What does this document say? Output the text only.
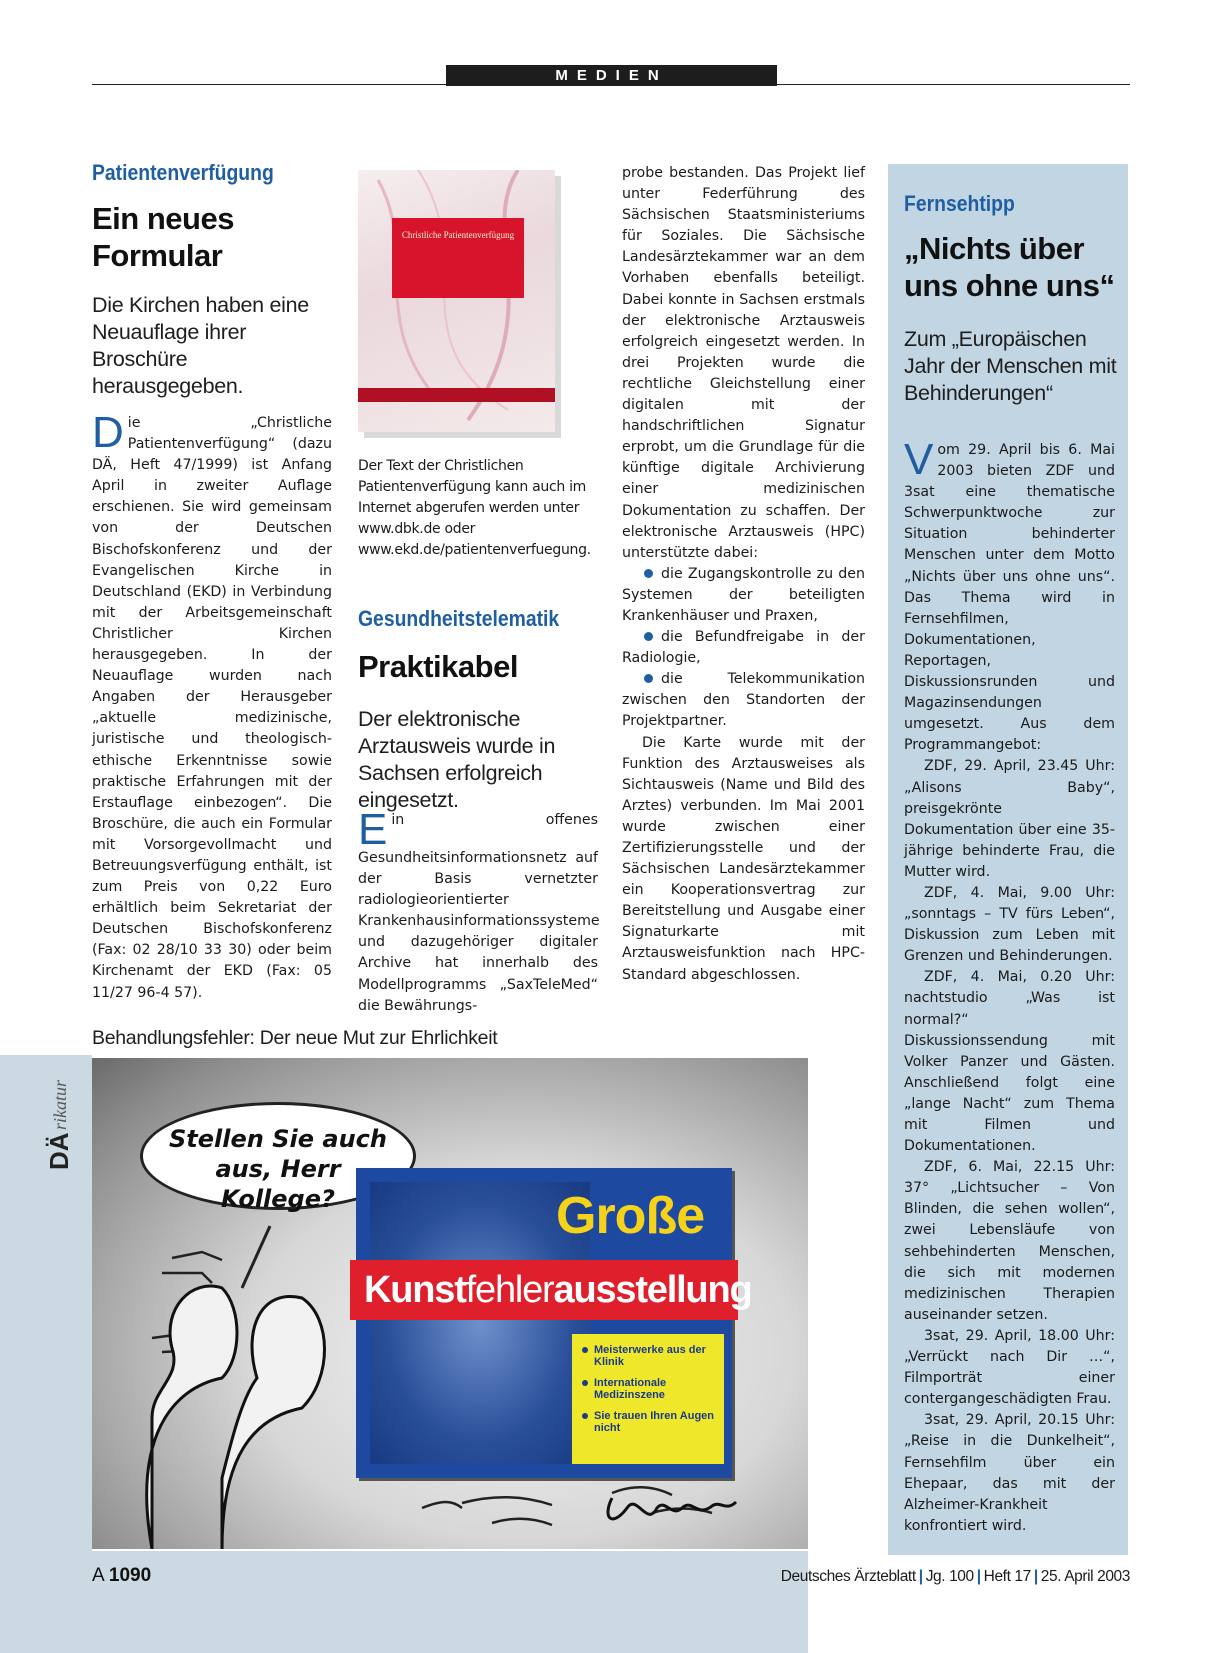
MEDIEN
Patientenverfügung
Ein neues Formular
Die Kirchen haben eine Neuauflage ihrer Broschüre herausgegeben.

Die „Christliche Patientenverfügung“ (dazu DÄ, Heft 47/1999) ist Anfang April in zweiter Auflage erschienen. Sie wird gemeinsam von der Deutschen Bischofskonferenz und der Evangelischen Kirche in Deutschland (EKD) in Verbindung mit der Arbeitsgemeinschaft Christlicher Kirchen herausgegeben. In der Neuauflage wurden nach Angaben der Herausgeber „aktuelle medizinische, juristische und theologisch-ethische Erkenntnisse sowie praktische Erfahrungen mit der Erstauflage einbezogen“. Die Broschüre, die auch ein Formular mit Vorsorgevollmacht und Betreuungsverfügung enthält, ist zum Preis von 0,22 Euro erhältlich beim Sekretariat der Deutschen Bischofskonferenz (Fax: 02 28/10 33 30) oder beim Kirchenamt der EKD (Fax: 05 11/27 96-4 57).

Christliche Patientenverfügung
Der Text der Christlichen Patientenverfügung kann auch im Internet abgerufen werden unter www.dbk.de oder www.ekd.de/patientenverfuegung.
Gesundheitstelematik
Praktikabel
Der elektronische Arztausweis wurde in Sachsen erfolgreich eingesetzt.

Ein offenes Gesundheitsinformationsnetz auf der Basis vernetzter radiologieorientierter Krankenhausinformationssysteme und dazugehöriger digitaler Archive hat innerhalb des Modellprogramms „SaxTeleMed“ die Bewährungs-

probe bestanden. Das Projekt lief unter Federführung des Sächsischen Staatsministeriums für Soziales. Die Sächsische Landesärztekammer war an dem Vorhaben ebenfalls beteiligt. Dabei konnte in Sachsen erstmals der elektronische Arztausweis erfolgreich eingesetzt werden. In drei Projekten wurde die rechtliche Gleichstellung einer digitalen mit der handschriftlichen Signatur erprobt, um die Grundlage für die künftige digitale Archivierung einer medizinischen Dokumentation zu schaffen. Der elektronische Arztausweis (HPC) unterstützte dabei:

die Zugangskontrolle zu den Systemen der beteiligten Krankenhäuser und Praxen,
die Befundfreigabe in der Radiologie,
die Telekommunikation zwischen den Standorten der Projektpartner.

Die Karte wurde mit der Funktion des Arztausweises als Sichtausweis (Name und Bild des Arztes) verbunden. Im Mai 2001 wurde zwischen einer Zertifizierungsstelle und der Sächsischen Landesärztekammer ein Kooperationsvertrag zur Bereitstellung und Ausgabe einer Signaturkarte mit Arztausweisfunktion nach HPC-Standard abgeschlossen.

Fernsehtipp
„Nichts über uns ohne uns“
Zum „Europäischen Jahr der Menschen mit Behinderungen“

Vom 29. April bis 6. Mai 2003 bieten ZDF und 3sat eine thematische Schwerpunktwoche zur Situation behinderter Menschen unter dem Motto „Nichts über uns ohne uns“. Das Thema wird in Fernsehfilmen, Dokumentationen, Reportagen, Diskussionsrunden und Magazinsendungen umgesetzt. Aus dem Programmangebot:

ZDF, 29. April, 23.45 Uhr: „Alisons Baby“, preisgekrönte Dokumentation über eine 35-jährige behinderte Frau, die Mutter wird.

ZDF, 4. Mai, 9.00 Uhr: „sonntags – TV fürs Leben“, Diskussion zum Leben mit Grenzen und Behinderungen.

ZDF, 4. Mai, 0.20 Uhr: nachtstudio „Was ist normal?“ Diskussionssendung mit Volker Panzer und Gästen. Anschließend folgt eine „lange Nacht“ zum Thema mit Filmen und Dokumentationen.

ZDF, 6. Mai, 22.15 Uhr: 37° „Lichtsucher – Von Blinden, die sehen wollen“, zwei Lebensläufe von sehbehinderten Menschen, die sich mit modernen medizinischen Therapien auseinander setzen.

3sat, 29. April, 18.00 Uhr: „Verrückt nach Dir …“, Filmporträt einer contergangeschädigten Frau.

3sat, 29. April, 20.15 Uhr: „Reise in die Dunkelheit“, Fernsehfilm über ein Ehepaar, das mit der Alzheimer-Krankheit konfrontiert wird.

Behandlungsfehler: Der neue Mut zur Ehrlichkeit
Stellen Sie auch aus, Herr Kollege?	Große
Kunstfehlerausstellung
Meisterwerke aus der Klinik
Internationale Medizinszene
Sie trauen Ihren Augen nicht
DÄ
rikatur
A 1090	Deutsches Ärzteblatt | Jg. 100 | Heft 17 | 25. April 2003
